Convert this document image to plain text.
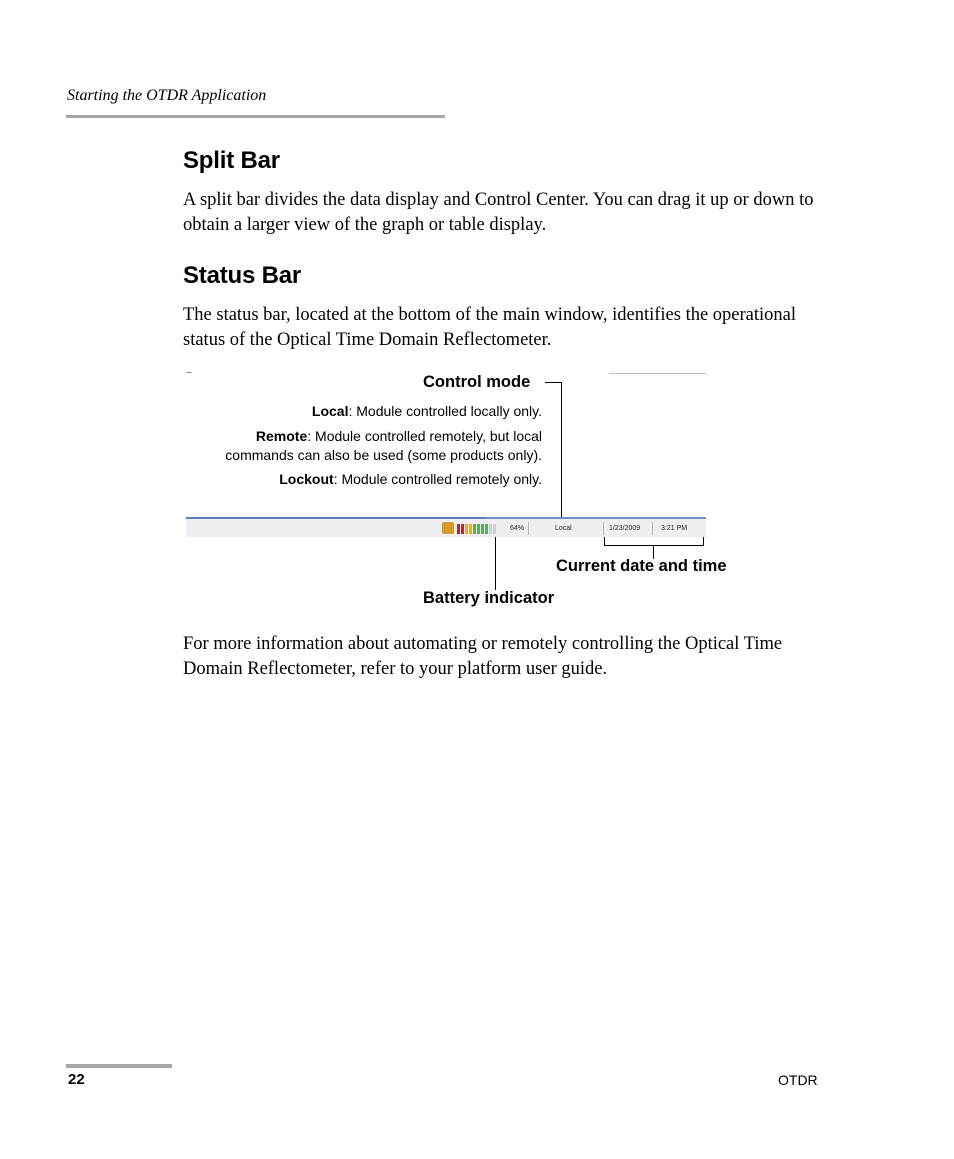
Starting the OTDR Application
Split Bar

A split bar divides the data display and Control Center. You can drag it up or down to obtain a larger view of the graph or table display.

Status Bar

The status bar, located at the bottom of the main window, identifies the operational status of the Optical Time Domain Reflectometer.

Control mode
Local: Module controlled locally only.
Remote: Module controlled remotely, but local commands can also be used (some products only).
Lockout: Module controlled remotely only.
64%	Local	1/23/2009	3:21 PM
Current date and time
Battery indicator

For more information about automating or remotely controlling the Optical Time Domain Reflectometer, refer to your platform user guide.

22	OTDR
